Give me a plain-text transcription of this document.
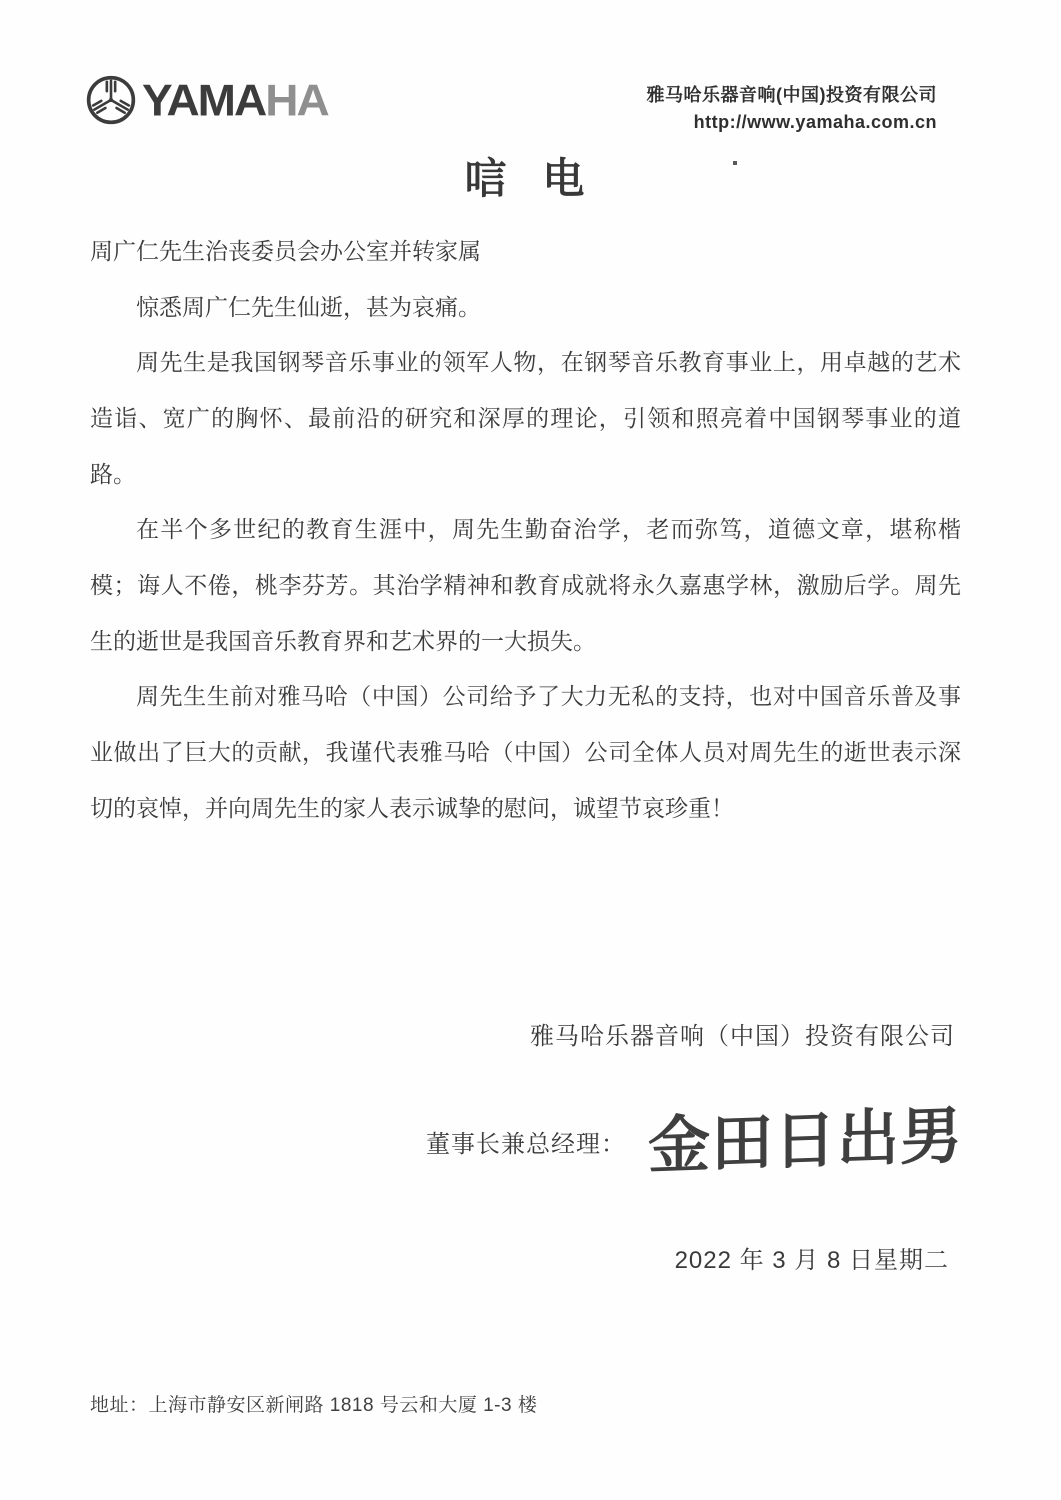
YAMAHA	雅马哈乐器音响(中国)投资有限公司
http://www.yamaha.com.cn
唁 电

周广仁先生治丧委员会办公室并转家属

惊悉周广仁先生仙逝，甚为哀痛。

周先生是我国钢琴音乐事业的领军人物，在钢琴音乐教育事业上，用卓越的艺术造诣、宽广的胸怀、最前沿的研究和深厚的理论，引领和照亮着中国钢琴事业的道路。

在半个多世纪的教育生涯中，周先生勤奋治学，老而弥笃，道德文章，堪称楷模；诲人不倦，桃李芬芳。其治学精神和教育成就将永久嘉惠学林，激励后学。周先生的逝世是我国音乐教育界和艺术界的一大损失。

周先生生前对雅马哈（中国）公司给予了大力无私的支持，也对中国音乐普及事业做出了巨大的贡献，我谨代表雅马哈（中国）公司全体人员对周先生的逝世表示深切的哀悼，并向周先生的家人表示诚挚的慰问，诚望节哀珍重！

雅马哈乐器音响（中国）投资有限公司
董事长兼总经理： 金田日出男
2022 年 3 月 8 日星期二
地址：上海市静安区新闸路 1818 号云和大厦 1-3 楼
